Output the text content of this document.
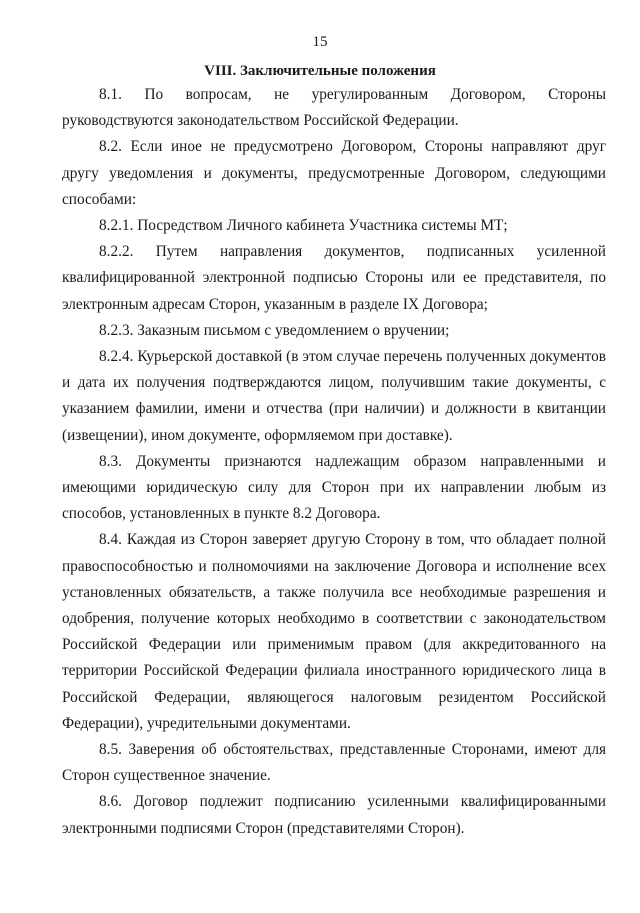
15
VIII. Заключительные положения

8.1. По вопросам, не урегулированным Договором, Стороны руководствуются законодательством Российской Федерации.

8.2. Если иное не предусмотрено Договором, Стороны направляют друг другу уведомления и документы, предусмотренные Договором, следующими способами:

8.2.1. Посредством Личного кабинета Участника системы МТ;

8.2.2. Путем направления документов, подписанных усиленной квалифицированной электронной подписью Стороны или ее представителя, по электронным адресам Сторон, указанным в разделе IX Договора;

8.2.3. Заказным письмом с уведомлением о вручении;

8.2.4. Курьерской доставкой (в этом случае перечень полученных документов и дата их получения подтверждаются лицом, получившим такие документы, с указанием фамилии, имени и отчества (при наличии) и должности в квитанции (извещении), ином документе, оформляемом при доставке).

8.3. Документы признаются надлежащим образом направленными и имеющими юридическую силу для Сторон при их направлении любым из способов, установленных в пункте 8.2 Договора.

8.4. Каждая из Сторон заверяет другую Сторону в том, что обладает полной правоспособностью и полномочиями на заключение Договора и исполнение всех установленных обязательств, а также получила все необходимые разрешения и одобрения, получение которых необходимо в соответствии с законодательством Российской Федерации или применимым правом (для аккредитованного на территории Российской Федерации филиала иностранного юридического лица в Российской Федерации, являющегося налоговым резидентом Российской Федерации), учредительными документами.

8.5. Заверения об обстоятельствах, представленные Сторонами, имеют для Сторон существенное значение.

8.6. Договор подлежит подписанию усиленными квалифицированными электронными подписями Сторон (представителями Сторон).
